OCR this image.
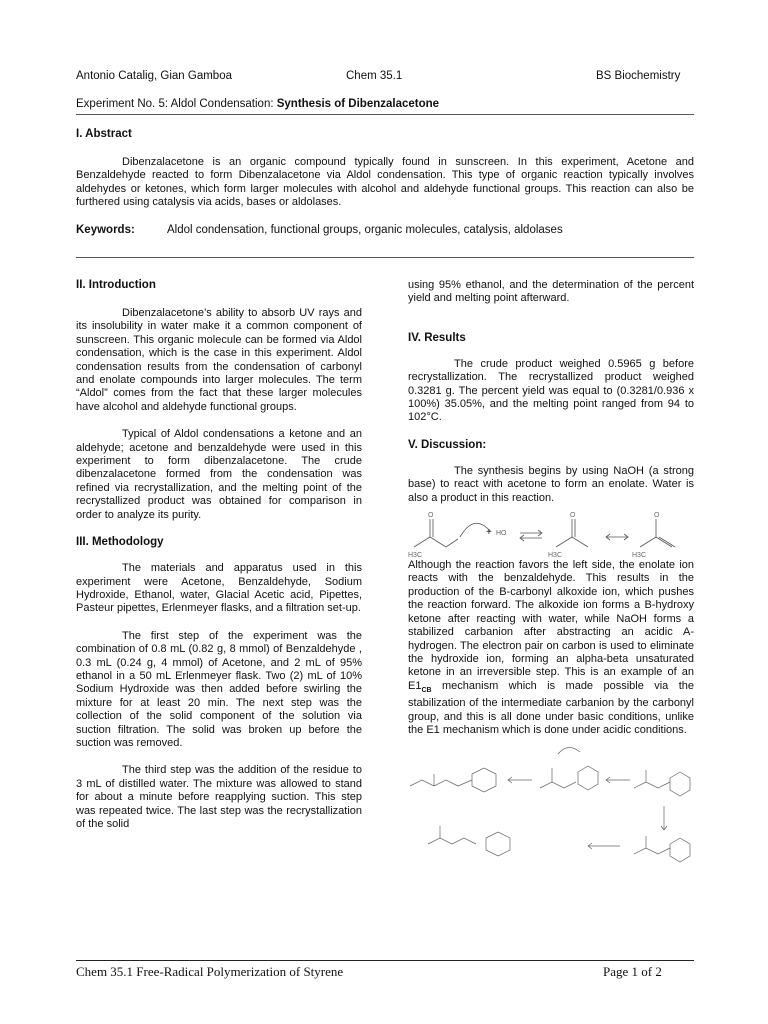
Antonio Catalig, Gian Gamboa	Chem 35.1	BS Biochemistry
Experiment No. 5: Aldol Condensation: Synthesis of Dibenzalacetone
I. Abstract

Dibenzalacetone is an organic compound typically found in sunscreen. In this experiment, Acetone and Benzaldehyde reacted to form Dibenzalacetone via Aldol condensation. This type of organic reaction typically involves aldehydes or ketones, which form larger molecules with alcohol and aldehyde functional groups. This reaction can also be furthered using catalysis via acids, bases or aldolases.

Keywords:	Aldol condensation, functional groups, organic molecules, catalysis, aldolases
II. Introduction

Dibenzalacetone’s ability to absorb UV rays and its insolubility in water make it a common component of sunscreen. This organic molecule can be formed via Aldol condensation, which is the case in this experiment. Aldol condensation results from the condensation of carbonyl and enolate compounds into larger molecules. The term “Aldol” comes from the fact that these larger molecules have alcohol and aldehyde functional groups.

Typical of Aldol condensations a ketone and an aldehyde; acetone and benzaldehyde were used in this experiment to form dibenzalacetone. The crude dibenzalacetone formed from the condensation was refined via recrystallization, and the melting point of the recrystallized product was obtained for comparison in order to analyze its purity.

III. Methodology

The materials and apparatus used in this experiment were Acetone, Benzaldehyde, Sodium Hydroxide, Ethanol, water, Glacial Acetic acid, Pipettes, Pasteur pipettes, Erlenmeyer flasks, and a filtration set-up.

The first step of the experiment was the combination of 0.8 mL (0.82 g, 8 mmol) of Benzaldehyde , 0.3 mL (0.24 g, 4 mmol) of Acetone, and 2 mL of 95% ethanol in a 50 mL Erlenmeyer flask. Two (2) mL of 10% Sodium Hydroxide was then added before swirling the mixture for at least 20 min. The next step was the collection of the solid component of the solution via suction filtration. The solid was broken up before the suction was removed.

The third step was the addition of the residue to 3 mL of distilled water. The mixture was allowed to stand for about a minute before reapplying suction. This step was repeated twice. The last step was the recrystallization of the solid

using 95% ethanol, and the determination of the percent yield and melting point afterward.

IV. Results

The crude product weighed 0.5965 g before recrystallization. The recrystallized product weighed 0.3281 g. The percent yield was equal to (0.3281/0.936 x 100%) 35.05%, and the melting point ranged from 94 to 102°C.

V. Discussion:

The synthesis begins by using NaOH (a strong base) to react with acetone to form an enolate. Water is also a product in this reaction.

O
H3C
+ HO
O
H3C
O
H3C

Although the reaction favors the left side, the enolate ion reacts with the benzaldehyde. This results in the production of the B-carbonyl alkoxide ion, which pushes the reaction forward. The alkoxide ion forms a B-hydroxy ketone after reacting with water, while NaOH forms a stabilized carbanion after abstracting an acidic A-hydrogen. The electron pair on carbon is used to eliminate the hydroxide ion, forming an alpha-beta unsaturated ketone in an irreversible step. This is an example of an $E1_{CB}$ mechanism which is made possible via the stabilization of the intermediate carbanion by the carbonyl group, and this is all done under basic conditions, unlike the E1 mechanism which is done under acidic conditions.

Chem 35.1 Free-Radical Polymerization of Styrene	Page 1 of 2
